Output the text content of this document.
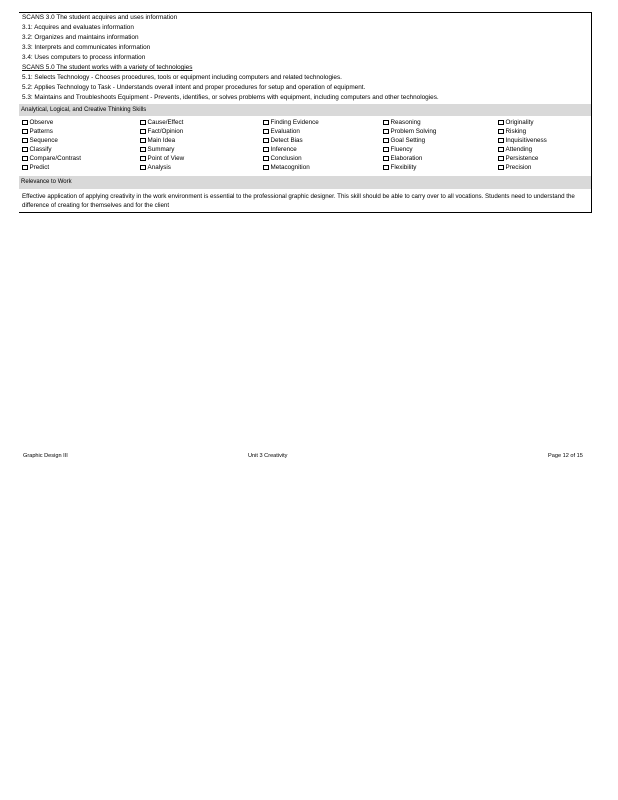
SCANS 3.0 The student acquires and uses information
3.1: Acquires and evaluates information
3.2: Organizes and maintains information
3.3: Interprets and communicates information
3.4: Uses computers to process information
SCANS 5.0 The student works with a variety of technologies
5.1: Selects Technology - Chooses procedures, tools or equipment including computers and related technologies.
5.2: Applies Technology to Task - Understands overall intent and proper procedures for setup and operation of equipment.
5.3: Maintains and Troubleshoots Equipment - Prevents, identifies, or solves problems with equipment, including computers and other technologies.
Analytical, Logical, and Creative Thinking Skills
Observe
Patterns
Sequence
Classify
Compare/Contrast
Predict
Cause/Effect
Fact/Opinion
Main Idea
Summary
Point of View
Analysis
Finding Evidence
Evaluation
Detect Bias
Inference
Conclusion
Metacognition
Reasoning
Problem Solving
Goal Setting
Fluency
Elaboration
Flexibility
Originality
Risking
Inquisitiveness
Attending
Persistence
Precision
Relevance to Work
Effective application of applying creativity in the work environment is essential to the professional graphic designer. This skill should be able to carry over to all vocations. Students need to understand the difference of creating for themselves and for the client
Graphic Design III	Unit 3 Creativity	Page 12 of 15
